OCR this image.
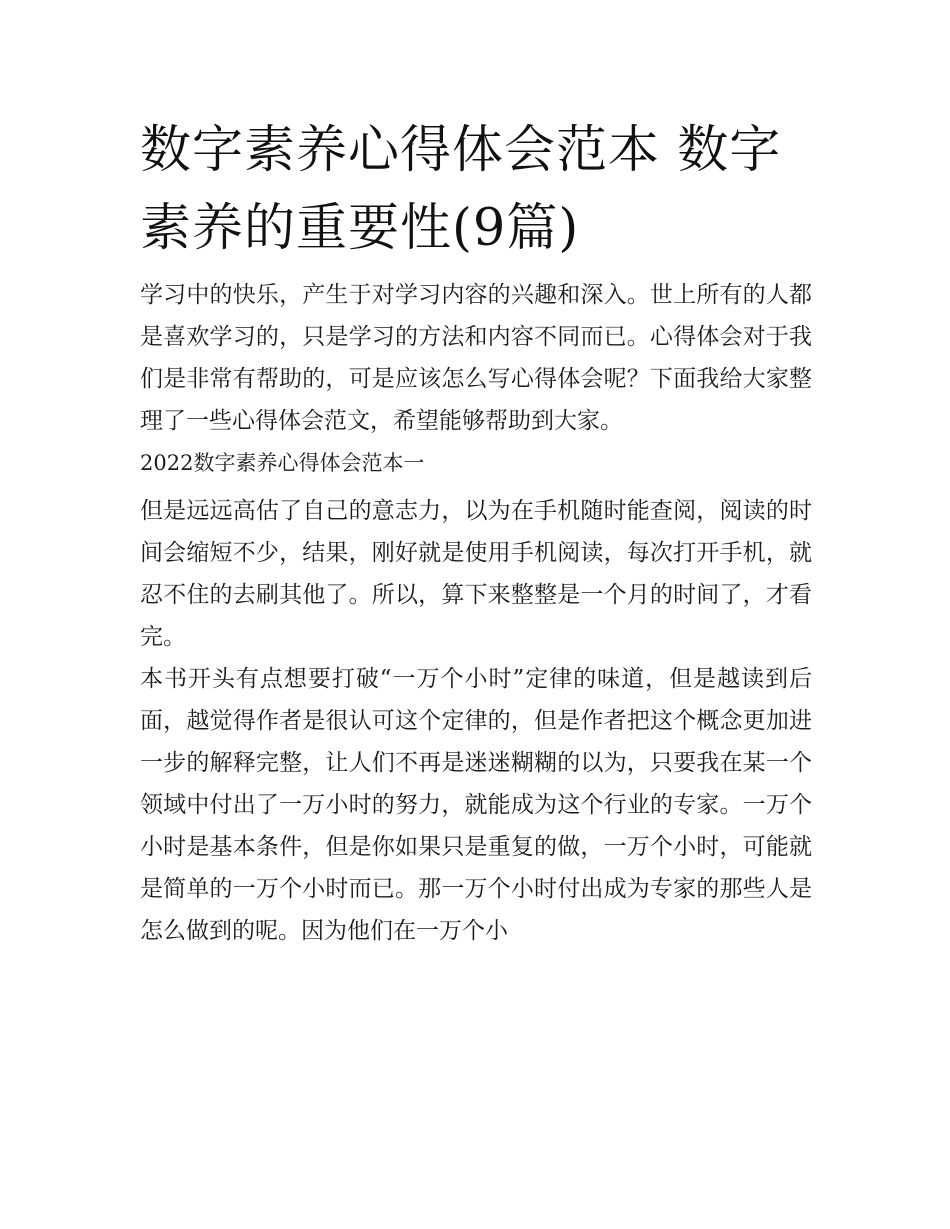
数字素养心得体会范本 数字素养的重要性(9篇)

学习中的快乐，产生于对学习内容的兴趣和深入。世上所有的人都是喜欢学习的，只是学习的方法和内容不同而已。心得体会对于我们是非常有帮助的，可是应该怎么写心得体会呢？下面我给大家整理了一些心得体会范文，希望能够帮助到大家。

2022数字素养心得体会范本一

但是远远高估了自己的意志力，以为在手机随时能查阅，阅读的时间会缩短不少，结果，刚好就是使用手机阅读，每次打开手机，就忍不住的去刷其他了。所以，算下来整整是一个月的时间了，才看完。

本书开头有点想要打破“一万个小时”定律的味道，但是越读到后面，越觉得作者是很认可这个定律的，但是作者把这个概念更加进一步的解释完整，让人们不再是迷迷糊糊的以为，只要我在某一个领域中付出了一万小时的努力，就能成为这个行业的专家。一万个小时是基本条件，但是你如果只是重复的做，一万个小时，可能就是简单的一万个小时而已。那一万个小时付出成为专家的那些人是怎么做到的呢。因为他们在一万个小
